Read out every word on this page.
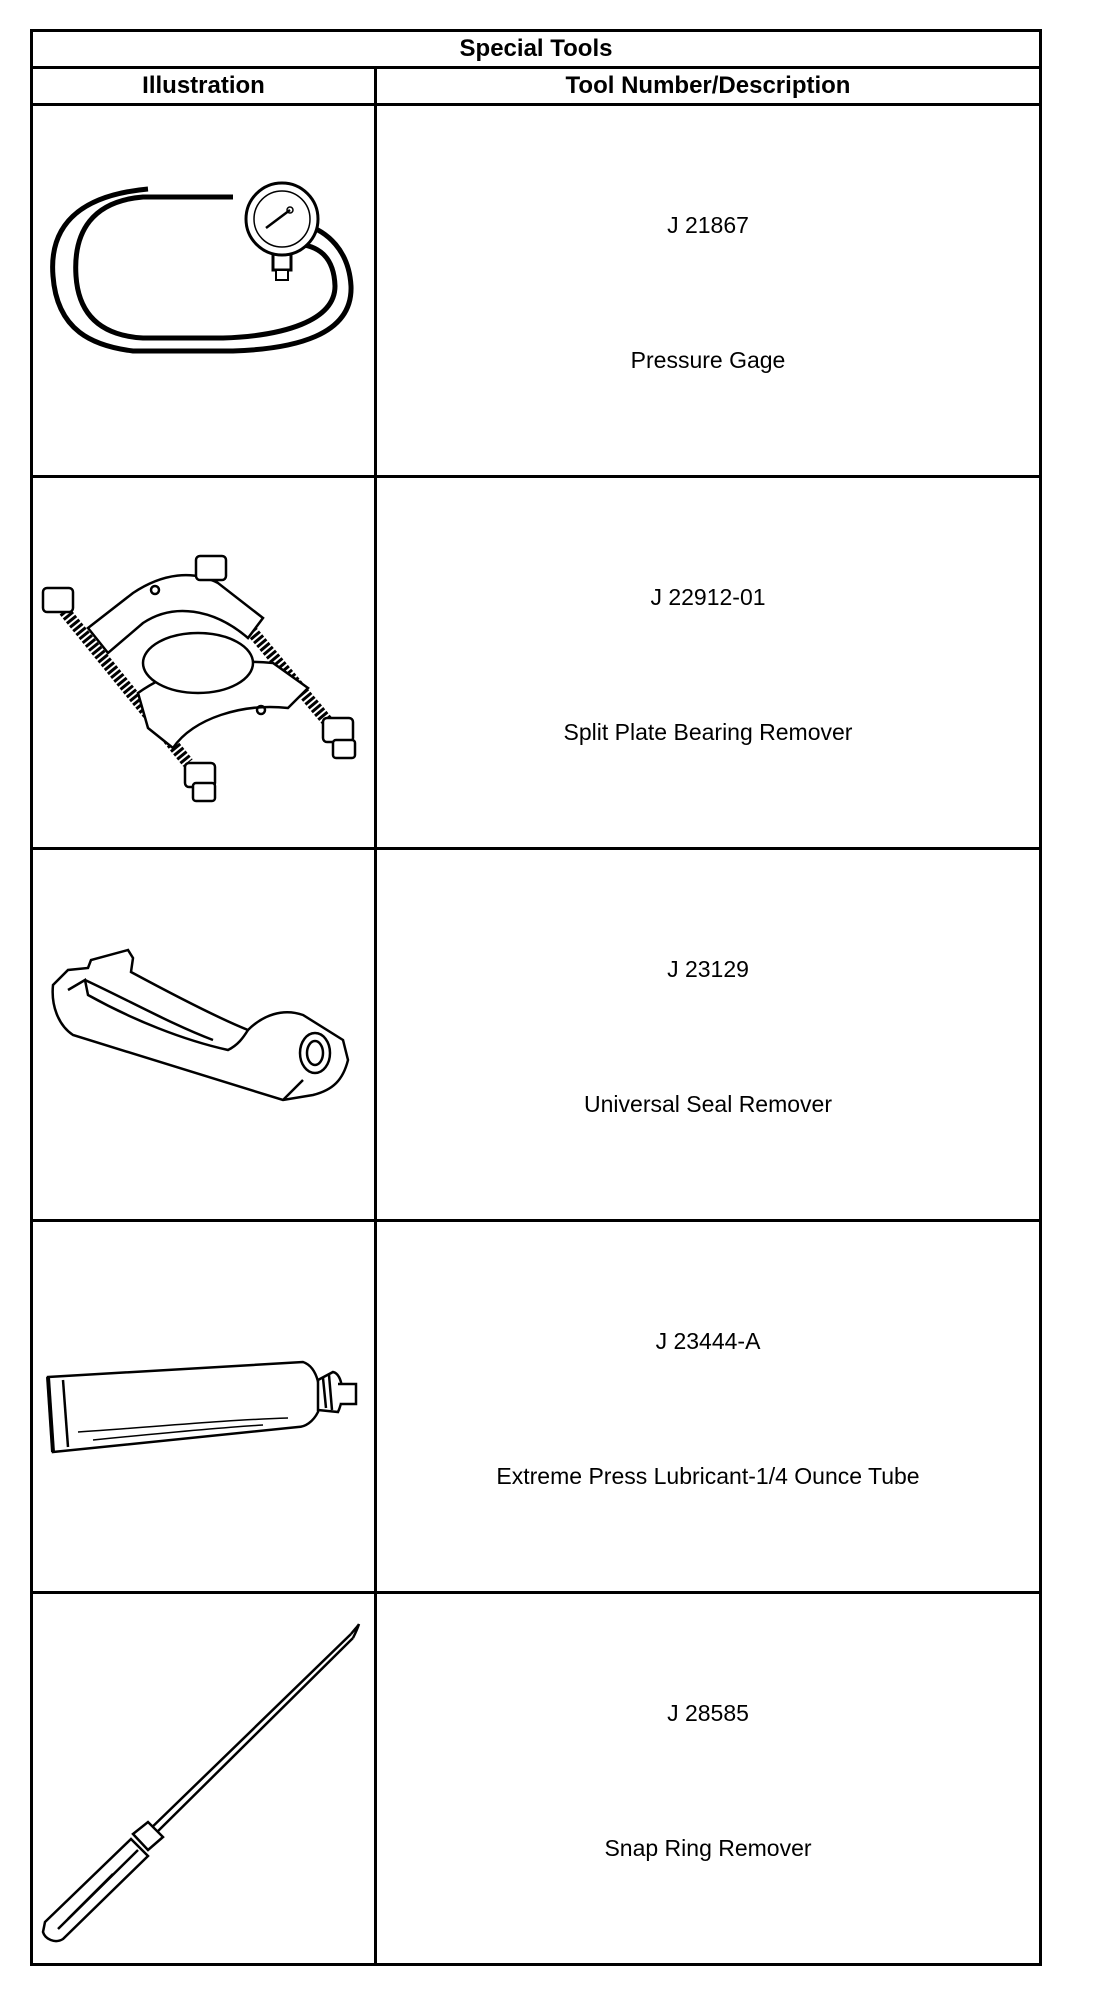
Special Tools	
Illustration	Tool Number/Description

J 21867
Pressure Gage

J 22912-01
Split Plate Bearing Remover

J 23129
Universal Seal Remover

J 23444-A
Extreme Press Lubricant-1/4 Ounce Tube

J 28585
Snap Ring Remover
